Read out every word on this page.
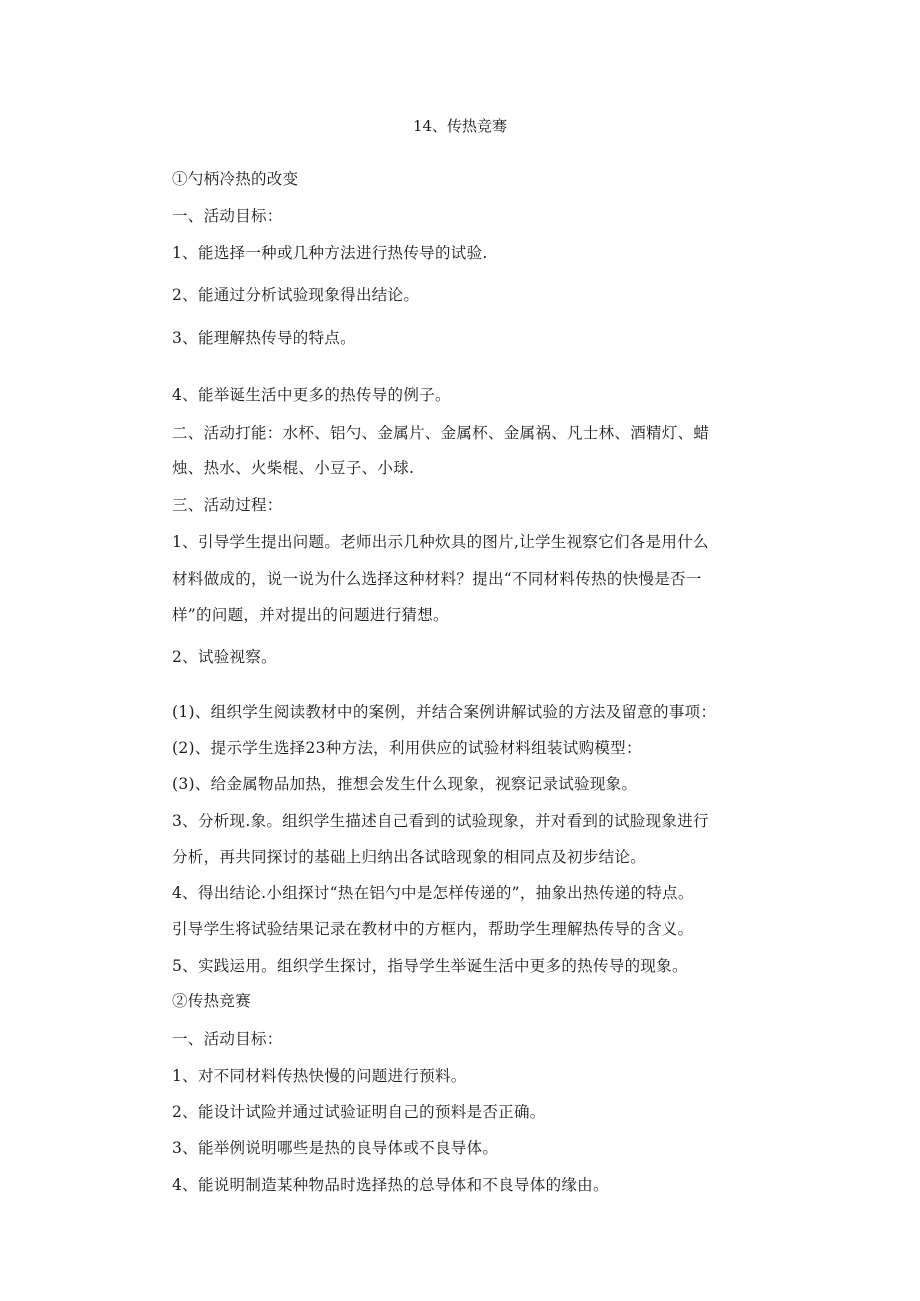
14、传热竞骞
①勺柄冷热的改变
一、活动目标：
1、能选择一种或几种方法进行热传导的试验.
2、能通过分析试验现象得出结论。
3、能理解热传导的特点。
4、能举诞生活中更多的热传导的例子。
二、活动打能：水杯、铝勺、金属片、金属杯、金属祸、凡士林、酒精灯、蜡
烛、热水、火柴棍、小豆子、小球.
三、活动过程：
1、引导学生提出问题。老师出示几种炊具的图片,让学生视察它们各是用什么
材料做成的，说一说为什么选择这种材料？提出“不同材料传热的快慢是否一
样”的问题，并对提出的问题进行猜想。
2、试验视察。
(1)、组织学生阅读教材中的案例，并结合案例讲解试验的方法及留意的事项：
(2)、提示学生选择23种方法，利用供应的试验材料组装试购模型：
(3)、给金属物品加热，推想会发生什么现象，视察记录试验现象。
3、分析现.象。组织学生描述自己看到的试验现象，并对看到的试脸现象进行
分析，再共同探讨的基础上归纳出各试晗现象的相同点及初步结论。
4、得出结论.小组探讨“热在铝勺中是怎样传递的”，抽象出热传递的特点。
引导学生将试验结果记录在教材中的方框内，帮助学生理解热传导的含义。
5、实践运用。组织学生探讨，指导学生举诞生活中更多的热传导的现象。
②传热竞赛
一、活动目标：
1、对不同材料传热快慢的问题进行预料。
2、能设计试险并通过试验证明自己的预料是否正确。
3、能举例说明哪些是热的良导体或不良导体。
4、能说明制造某种物品时选择热的总导体和不良导体的缘由。
